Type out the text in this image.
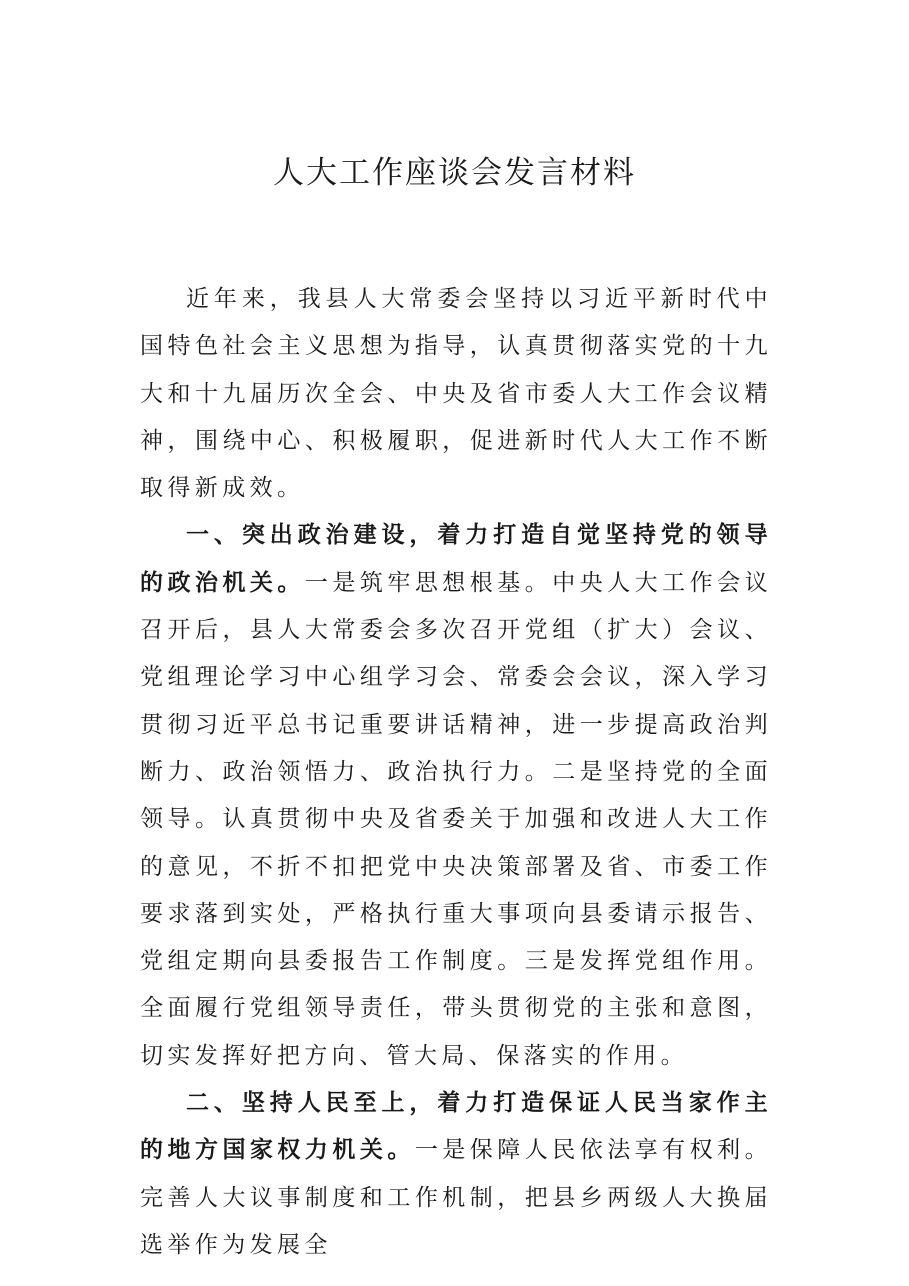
人大工作座谈会发言材料

近年来，我县人大常委会坚持以习近平新时代中国特色社会主义思想为指导，认真贯彻落实党的十九大和十九届历次全会、中央及省市委人大工作会议精神，围绕中心、积极履职，促进新时代人大工作不断取得新成效。

一、突出政治建设，着力打造自觉坚持党的领导的政治机关。一是筑牢思想根基。中央人大工作会议召开后，县人大常委会多次召开党组（扩大）会议、党组理论学习中心组学习会、常委会会议，深入学习贯彻习近平总书记重要讲话精神，进一步提高政治判断力、政治领悟力、政治执行力。二是坚持党的全面领导。认真贯彻中央及省委关于加强和改进人大工作的意见，不折不扣把党中央决策部署及省、市委工作要求落到实处，严格执行重大事项向县委请示报告、党组定期向县委报告工作制度。三是发挥党组作用。全面履行党组领导责任，带头贯彻党的主张和意图，切实发挥好把方向、管大局、保落实的作用。

二、坚持人民至上，着力打造保证人民当家作主的地方国家权力机关。一是保障人民依法享有权利。完善人大议事制度和工作机制，把县乡两级人大换届选举作为发展全
